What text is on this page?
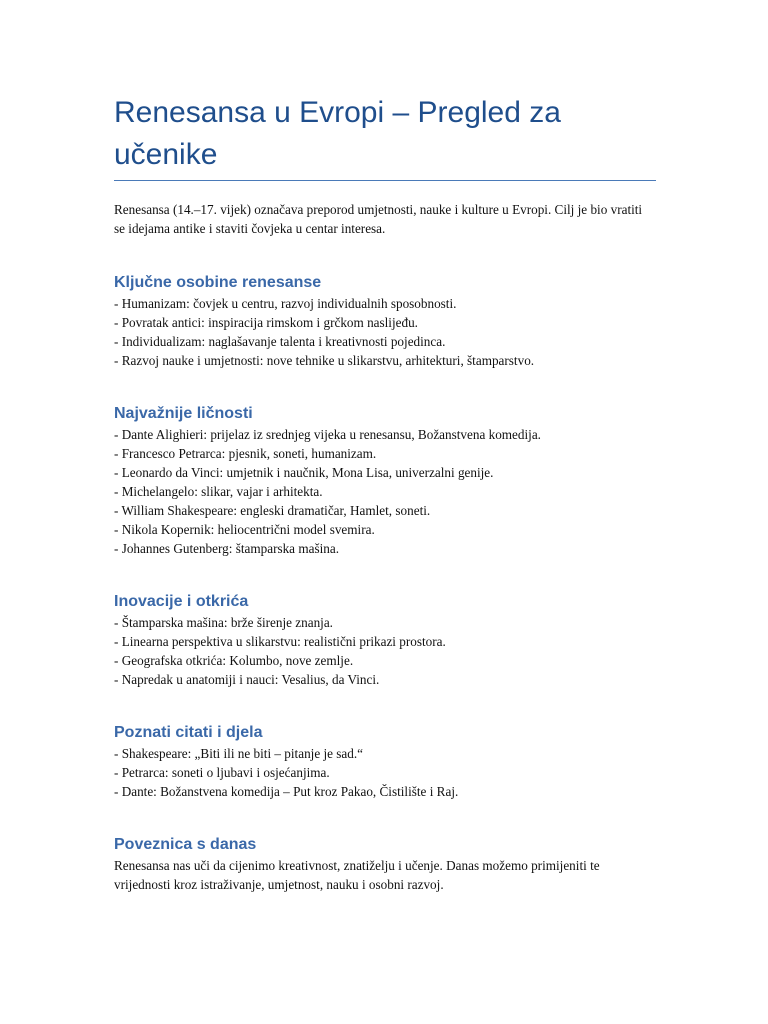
Renesansa u Evropi – Pregled za učenike

Renesansa (14.–17. vijek) označava preporod umjetnosti, nauke i kulture u Evropi. Cilj je bio vratiti se idejama antike i staviti čovjeka u centar interesa.

Ključne osobine renesanse
- Humanizam: čovjek u centru, razvoj individualnih sposobnosti.
- Povratak antici: inspiracija rimskom i grčkom naslijeđu.
- Individualizam: naglašavanje talenta i kreativnosti pojedinca.
- Razvoj nauke i umjetnosti: nove tehnike u slikarstvu, arhitekturi, štamparstvo.
Najvažnije ličnosti
- Dante Alighieri: prijelaz iz srednjeg vijeka u renesansu, Božanstvena komedija.
- Francesco Petrarca: pjesnik, soneti, humanizam.
- Leonardo da Vinci: umjetnik i naučnik, Mona Lisa, univerzalni genije.
- Michelangelo: slikar, vajar i arhitekta.
- William Shakespeare: engleski dramatičar, Hamlet, soneti.
- Nikola Kopernik: heliocentrični model svemira.
- Johannes Gutenberg: štamparska mašina.
Inovacije i otkrića
- Štamparska mašina: brže širenje znanja.
- Linearna perspektiva u slikarstvu: realistični prikazi prostora.
- Geografska otkrića: Kolumbo, nove zemlje.
- Napredak u anatomiji i nauci: Vesalius, da Vinci.
Poznati citati i djela
- Shakespeare: „Biti ili ne biti – pitanje je sad.“
- Petrarca: soneti o ljubavi i osjećanjima.
- Dante: Božanstvena komedija – Put kroz Pakao, Čistilište i Raj.
Poveznica s danas

Renesansa nas uči da cijenimo kreativnost, znatiželju i učenje. Danas možemo primijeniti te vrijednosti kroz istraživanje, umjetnost, nauku i osobni razvoj.
